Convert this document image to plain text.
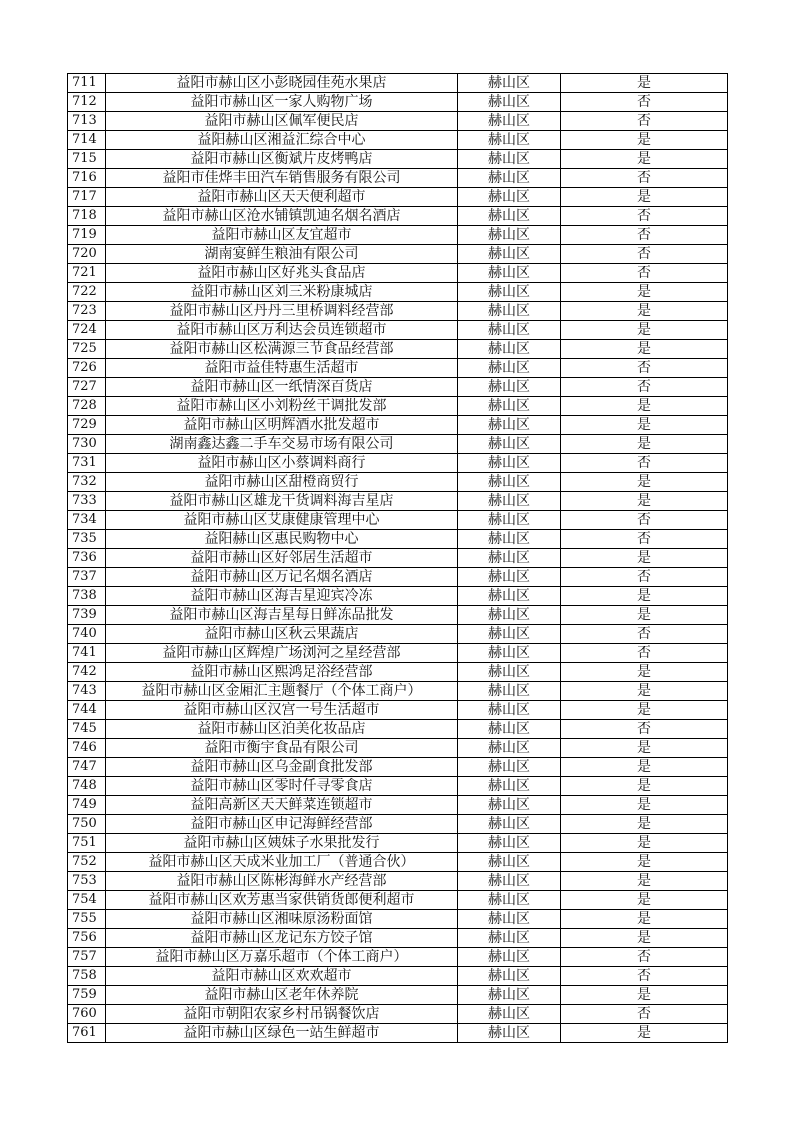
711	益阳市赫山区小彭晓园佳苑水果店	赫山区	是
712	益阳市赫山区一家人购物广场	赫山区	否
713	益阳市赫山区佩军便民店	赫山区	否
714	益阳赫山区湘益汇综合中心	赫山区	是
715	益阳市赫山区衡斌片皮烤鸭店	赫山区	是
716	益阳市佳烨丰田汽车销售服务有限公司	赫山区	否
717	益阳市赫山区天天便利超市	赫山区	是
718	益阳市赫山区沧水铺镇凯迪名烟名酒店	赫山区	否
719	益阳市赫山区友宜超市	赫山区	否
720	湖南宴鲜生粮油有限公司	赫山区	否
721	益阳市赫山区好兆头食品店	赫山区	否
722	益阳市赫山区刘三米粉康城店	赫山区	是
723	益阳市赫山区丹丹三里桥调料经营部	赫山区	是
724	益阳市赫山区万利达会员连锁超市	赫山区	是
725	益阳市赫山区松满源三节食品经营部	赫山区	是
726	益阳市益佳特惠生活超市	赫山区	否
727	益阳市赫山区一纸情深百货店	赫山区	否
728	益阳市赫山区小刘粉丝干调批发部	赫山区	是
729	益阳市赫山区明辉酒水批发超市	赫山区	是
730	湖南鑫达鑫二手车交易市场有限公司	赫山区	是
731	益阳市赫山区小蔡调料商行	赫山区	否
732	益阳市赫山区甜橙商贸行	赫山区	是
733	益阳市赫山区雄龙干货调料海吉星店	赫山区	是
734	益阳市赫山区艾康健康管理中心	赫山区	否
735	益阳赫山区惠民购物中心	赫山区	否
736	益阳市赫山区好邻居生活超市	赫山区	是
737	益阳市赫山区万记名烟名酒店	赫山区	否
738	益阳市赫山区海吉星迎宾冷冻	赫山区	是
739	益阳市赫山区海吉星每日鲜冻品批发	赫山区	是
740	益阳市赫山区秋云果蔬店	赫山区	否
741	益阳市赫山区辉煌广场浏河之星经营部	赫山区	否
742	益阳市赫山区熙鸿足浴经营部	赫山区	是
743	益阳市赫山区金厢汇主题餐厅（个体工商户）	赫山区	是
744	益阳市赫山区汉宫一号生活超市	赫山区	是
745	益阳市赫山区泊美化妆品店	赫山区	否
746	益阳市衡宇食品有限公司	赫山区	是
747	益阳市赫山区乌金副食批发部	赫山区	是
748	益阳市赫山区零时仟寻零食店	赫山区	是
749	益阳高新区天天鲜菜连锁超市	赫山区	是
750	益阳市赫山区申记海鲜经营部	赫山区	是
751	益阳市赫山区姨妹子水果批发行	赫山区	是
752	益阳市赫山区天成米业加工厂（普通合伙）	赫山区	是
753	益阳市赫山区陈彬海鲜水产经营部	赫山区	是
754	益阳市赫山区欢芳惠当家供销货郎便利超市	赫山区	是
755	益阳市赫山区湘味原汤粉面馆	赫山区	是
756	益阳市赫山区龙记东方饺子馆	赫山区	是
757	益阳市赫山区万嘉乐超市（个体工商户）	赫山区	否
758	益阳市赫山区欢欢超市	赫山区	否
759	益阳市赫山区老年休养院	赫山区	是
760	益阳市朝阳农家乡村吊锅餐饮店	赫山区	否
761	益阳市赫山区绿色一站生鲜超市	赫山区	是
